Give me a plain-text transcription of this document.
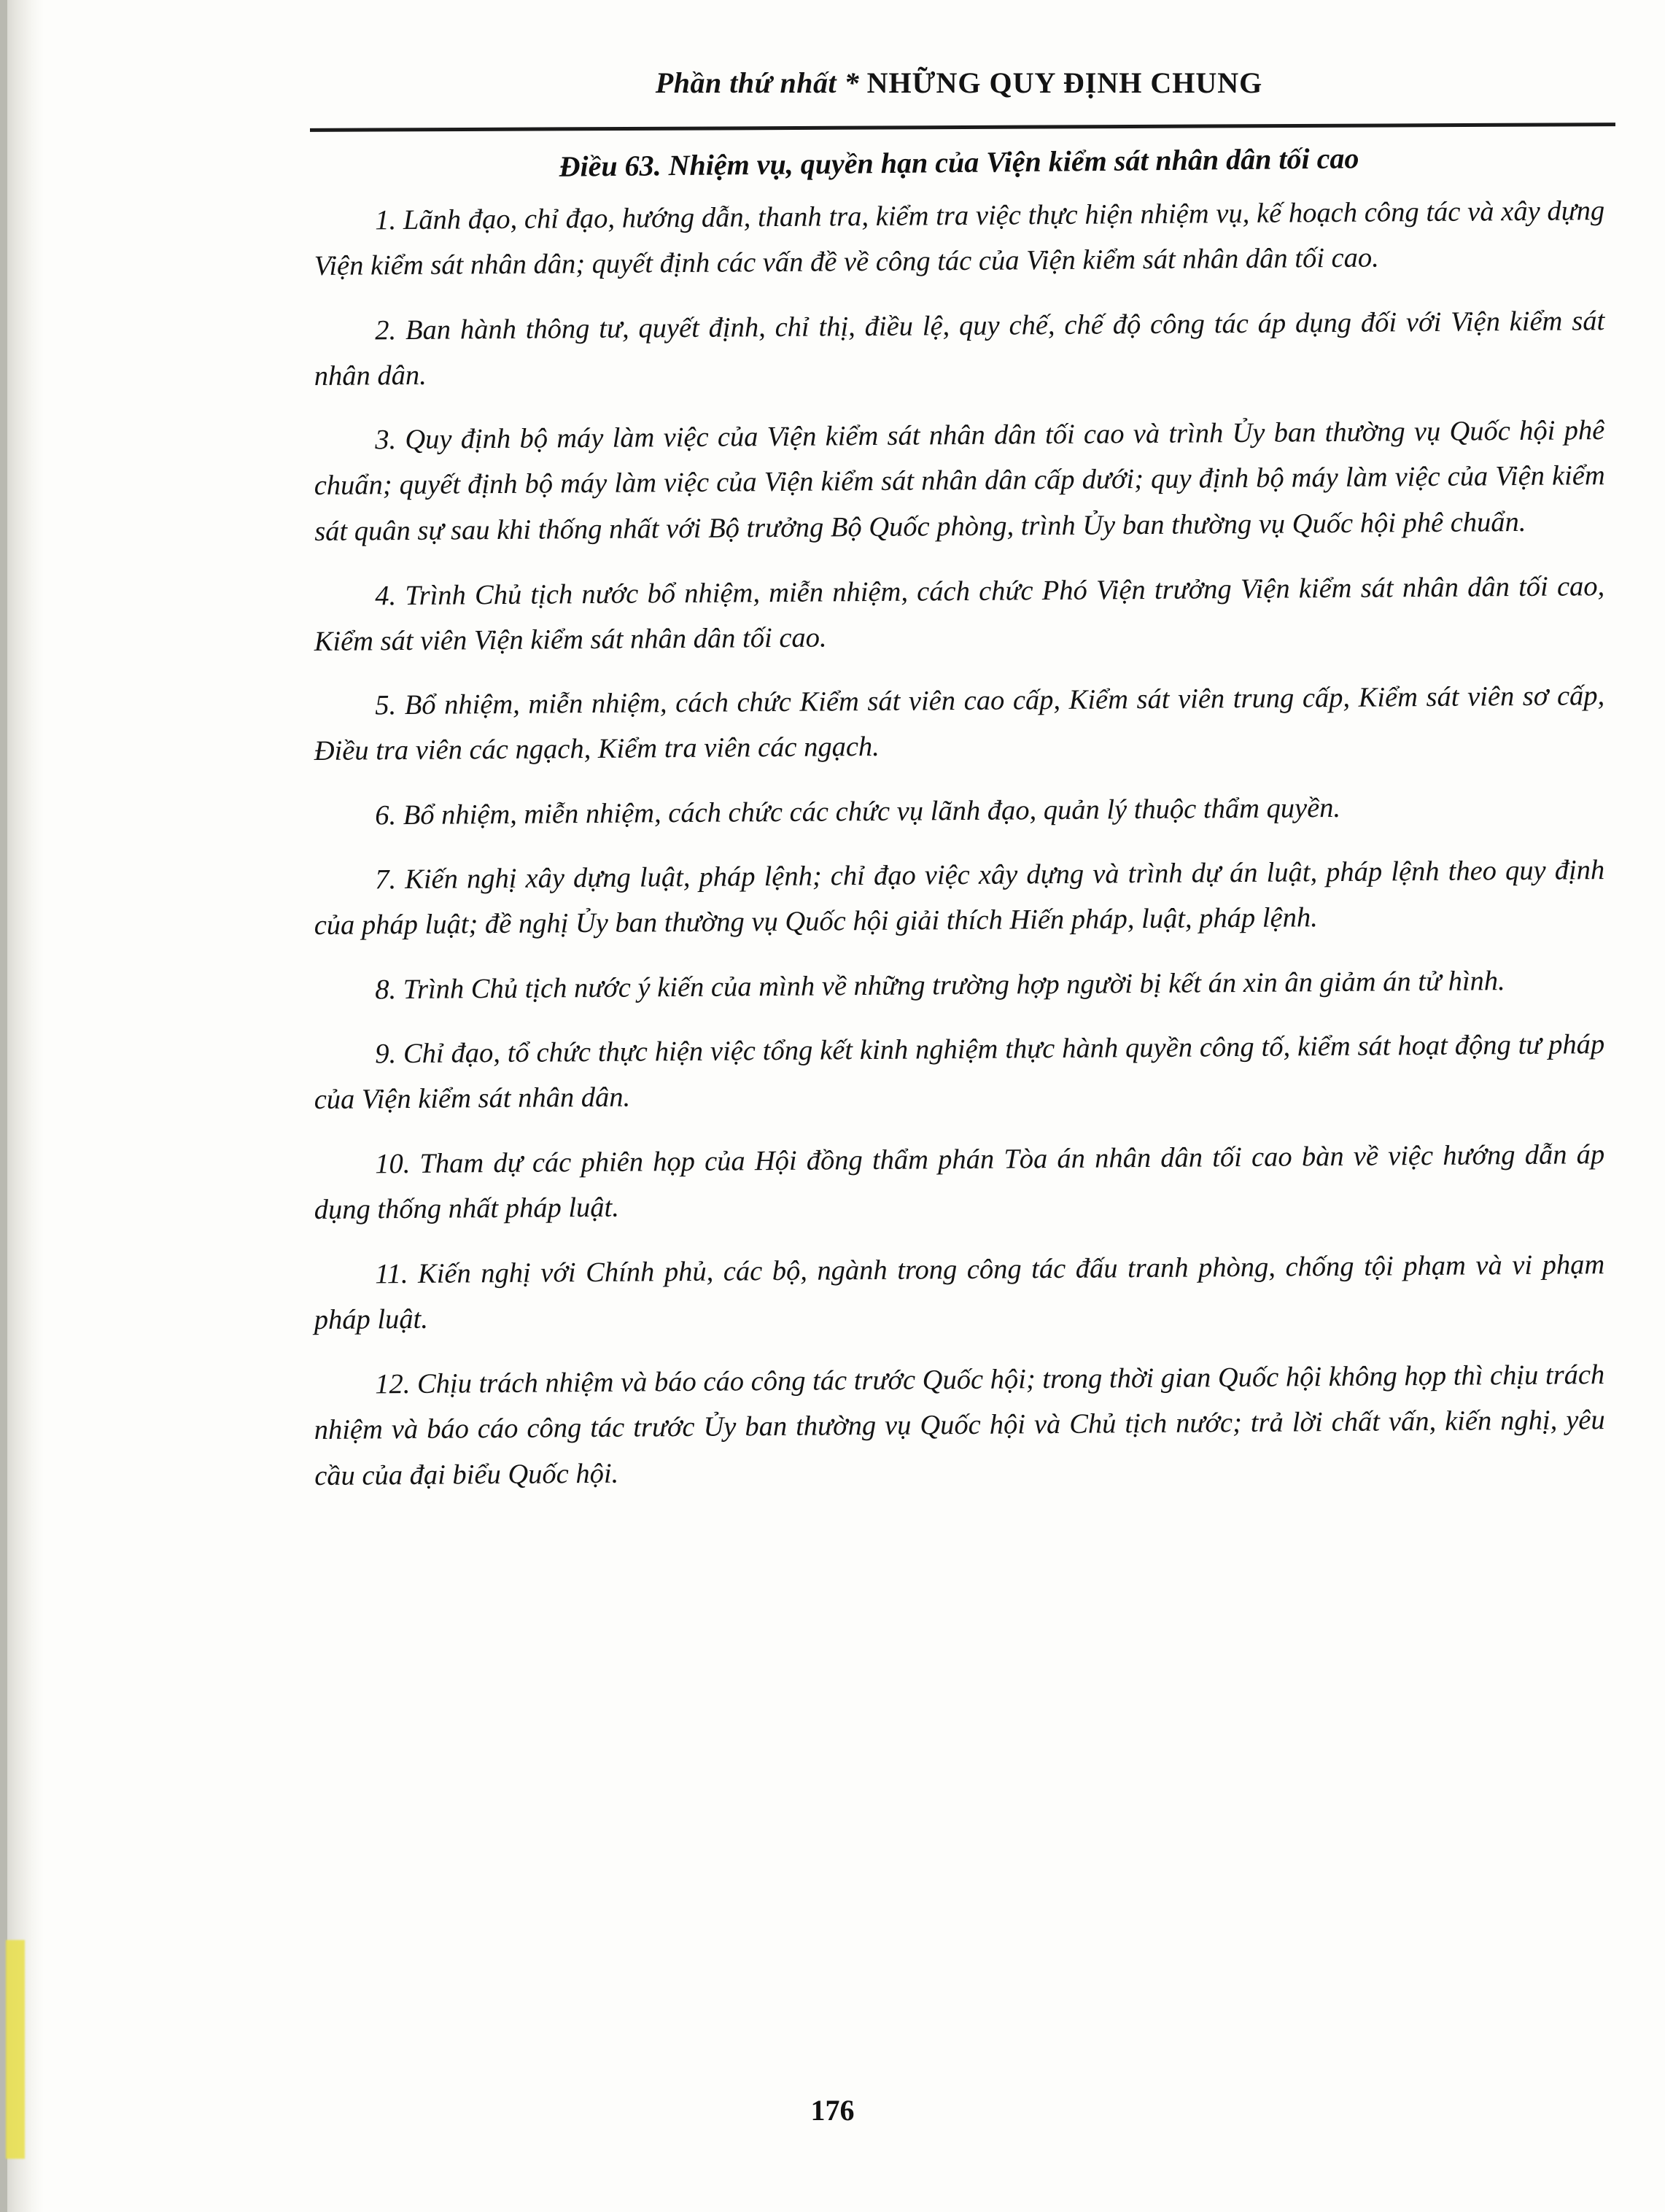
Phần thứ nhất * NHỮNG QUY ĐỊNH CHUNG
Điều 63. Nhiệm vụ, quyền hạn của Viện kiểm sát nhân dân tối cao
1. Lãnh đạo, chỉ đạo, hướng dẫn, thanh tra, kiểm tra việc thực hiện nhiệm vụ, kế hoạch công tác và xây dựng Viện kiểm sát nhân dân; quyết định các vấn đề về công tác của Viện kiểm sát nhân dân tối cao.
2. Ban hành thông tư, quyết định, chỉ thị, điều lệ, quy chế, chế độ công tác áp dụng đối với Viện kiểm sát nhân dân.
3. Quy định bộ máy làm việc của Viện kiểm sát nhân dân tối cao và trình Ủy ban thường vụ Quốc hội phê chuẩn; quyết định bộ máy làm việc của Viện kiểm sát nhân dân cấp dưới; quy định bộ máy làm việc của Viện kiểm sát quân sự sau khi thống nhất với Bộ trưởng Bộ Quốc phòng, trình Ủy ban thường vụ Quốc hội phê chuẩn.
4. Trình Chủ tịch nước bổ nhiệm, miễn nhiệm, cách chức Phó Viện trưởng Viện kiểm sát nhân dân tối cao, Kiểm sát viên Viện kiểm sát nhân dân tối cao.
5. Bổ nhiệm, miễn nhiệm, cách chức Kiểm sát viên cao cấp, Kiểm sát viên trung cấp, Kiểm sát viên sơ cấp, Điều tra viên các ngạch, Kiểm tra viên các ngạch.
6. Bổ nhiệm, miễn nhiệm, cách chức các chức vụ lãnh đạo, quản lý thuộc thẩm quyền.
7. Kiến nghị xây dựng luật, pháp lệnh; chỉ đạo việc xây dựng và trình dự án luật, pháp lệnh theo quy định của pháp luật; đề nghị Ủy ban thường vụ Quốc hội giải thích Hiến pháp, luật, pháp lệnh.
8. Trình Chủ tịch nước ý kiến của mình về những trường hợp người bị kết án xin ân giảm án tử hình.
9. Chỉ đạo, tổ chức thực hiện việc tổng kết kinh nghiệm thực hành quyền công tố, kiểm sát hoạt động tư pháp của Viện kiểm sát nhân dân.
10. Tham dự các phiên họp của Hội đồng thẩm phán Tòa án nhân dân tối cao bàn về việc hướng dẫn áp dụng thống nhất pháp luật.
11. Kiến nghị với Chính phủ, các bộ, ngành trong công tác đấu tranh phòng, chống tội phạm và vi phạm pháp luật.
12. Chịu trách nhiệm và báo cáo công tác trước Quốc hội; trong thời gian Quốc hội không họp thì chịu trách nhiệm và báo cáo công tác trước Ủy ban thường vụ Quốc hội và Chủ tịch nước; trả lời chất vấn, kiến nghị, yêu cầu của đại biểu Quốc hội.
176
